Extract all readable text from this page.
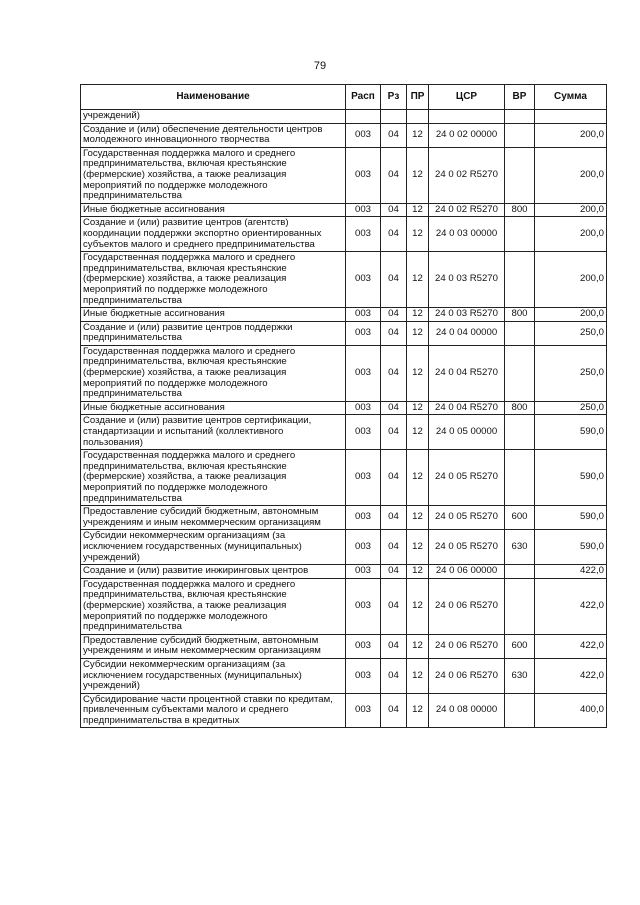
79
Наименование	Расп	Рз	ПР	ЦСР	ВР	Сумма
учреждений)						
Создание и (или) обеспечение деятельности центров молодежного инновационного творчества	003	04	12	24 0 02 00000		200,0
Государственная поддержка малого и среднего предпринимательства, включая крестьянские (фермерские) хозяйства, а также реализация мероприятий по поддержке молодежного предпринимательства	003	04	12	24 0 02 R5270		200,0
Иные бюджетные ассигнования	003	04	12	24 0 02 R5270	800	200,0
Создание и (или) развитие центров (агентств) координации поддержки экспортно ориентированных субъектов малого и среднего предпринимательства	003	04	12	24 0 03 00000		200,0
Государственная поддержка малого и среднего предпринимательства, включая крестьянские (фермерские) хозяйства, а также реализация мероприятий по поддержке молодежного предпринимательства	003	04	12	24 0 03 R5270		200,0
Иные бюджетные ассигнования	003	04	12	24 0 03 R5270	800	200,0
Создание и (или) развитие центров поддержки предпринимательства	003	04	12	24 0 04 00000		250,0
Государственная поддержка малого и среднего предпринимательства, включая крестьянские (фермерские) хозяйства, а также реализация мероприятий по поддержке молодежного предпринимательства	003	04	12	24 0 04 R5270		250,0
Иные бюджетные ассигнования	003	04	12	24 0 04 R5270	800	250,0
Создание и (или) развитие центров сертификации, стандартизации и испытаний (коллективного пользования)	003	04	12	24 0 05 00000		590,0
Государственная поддержка малого и среднего предпринимательства, включая крестьянские (фермерские) хозяйства, а также реализация мероприятий по поддержке молодежного предпринимательства	003	04	12	24 0 05 R5270		590,0
Предоставление субсидий бюджетным, автономным учреждениям и иным некоммерческим организациям	003	04	12	24 0 05 R5270	600	590,0
Субсидии некоммерческим организациям (за исключением государственных (муниципальных) учреждений)	003	04	12	24 0 05 R5270	630	590,0
Создание и (или) развитие инжиринговых центров	003	04	12	24 0 06 00000		422,0
Государственная поддержка малого и среднего предпринимательства, включая крестьянские (фермерские) хозяйства, а также реализация мероприятий по поддержке молодежного предпринимательства	003	04	12	24 0 06 R5270		422,0
Предоставление субсидий бюджетным, автономным учреждениям и иным некоммерческим организациям	003	04	12	24 0 06 R5270	600	422,0
Субсидии некоммерческим организациям (за исключением государственных (муниципальных) учреждений)	003	04	12	24 0 06 R5270	630	422,0
Субсидирование части процентной ставки по кредитам, привлеченным субъектами малого и среднего предпринимательства в кредитных	003	04	12	24 0 08 00000		400,0
